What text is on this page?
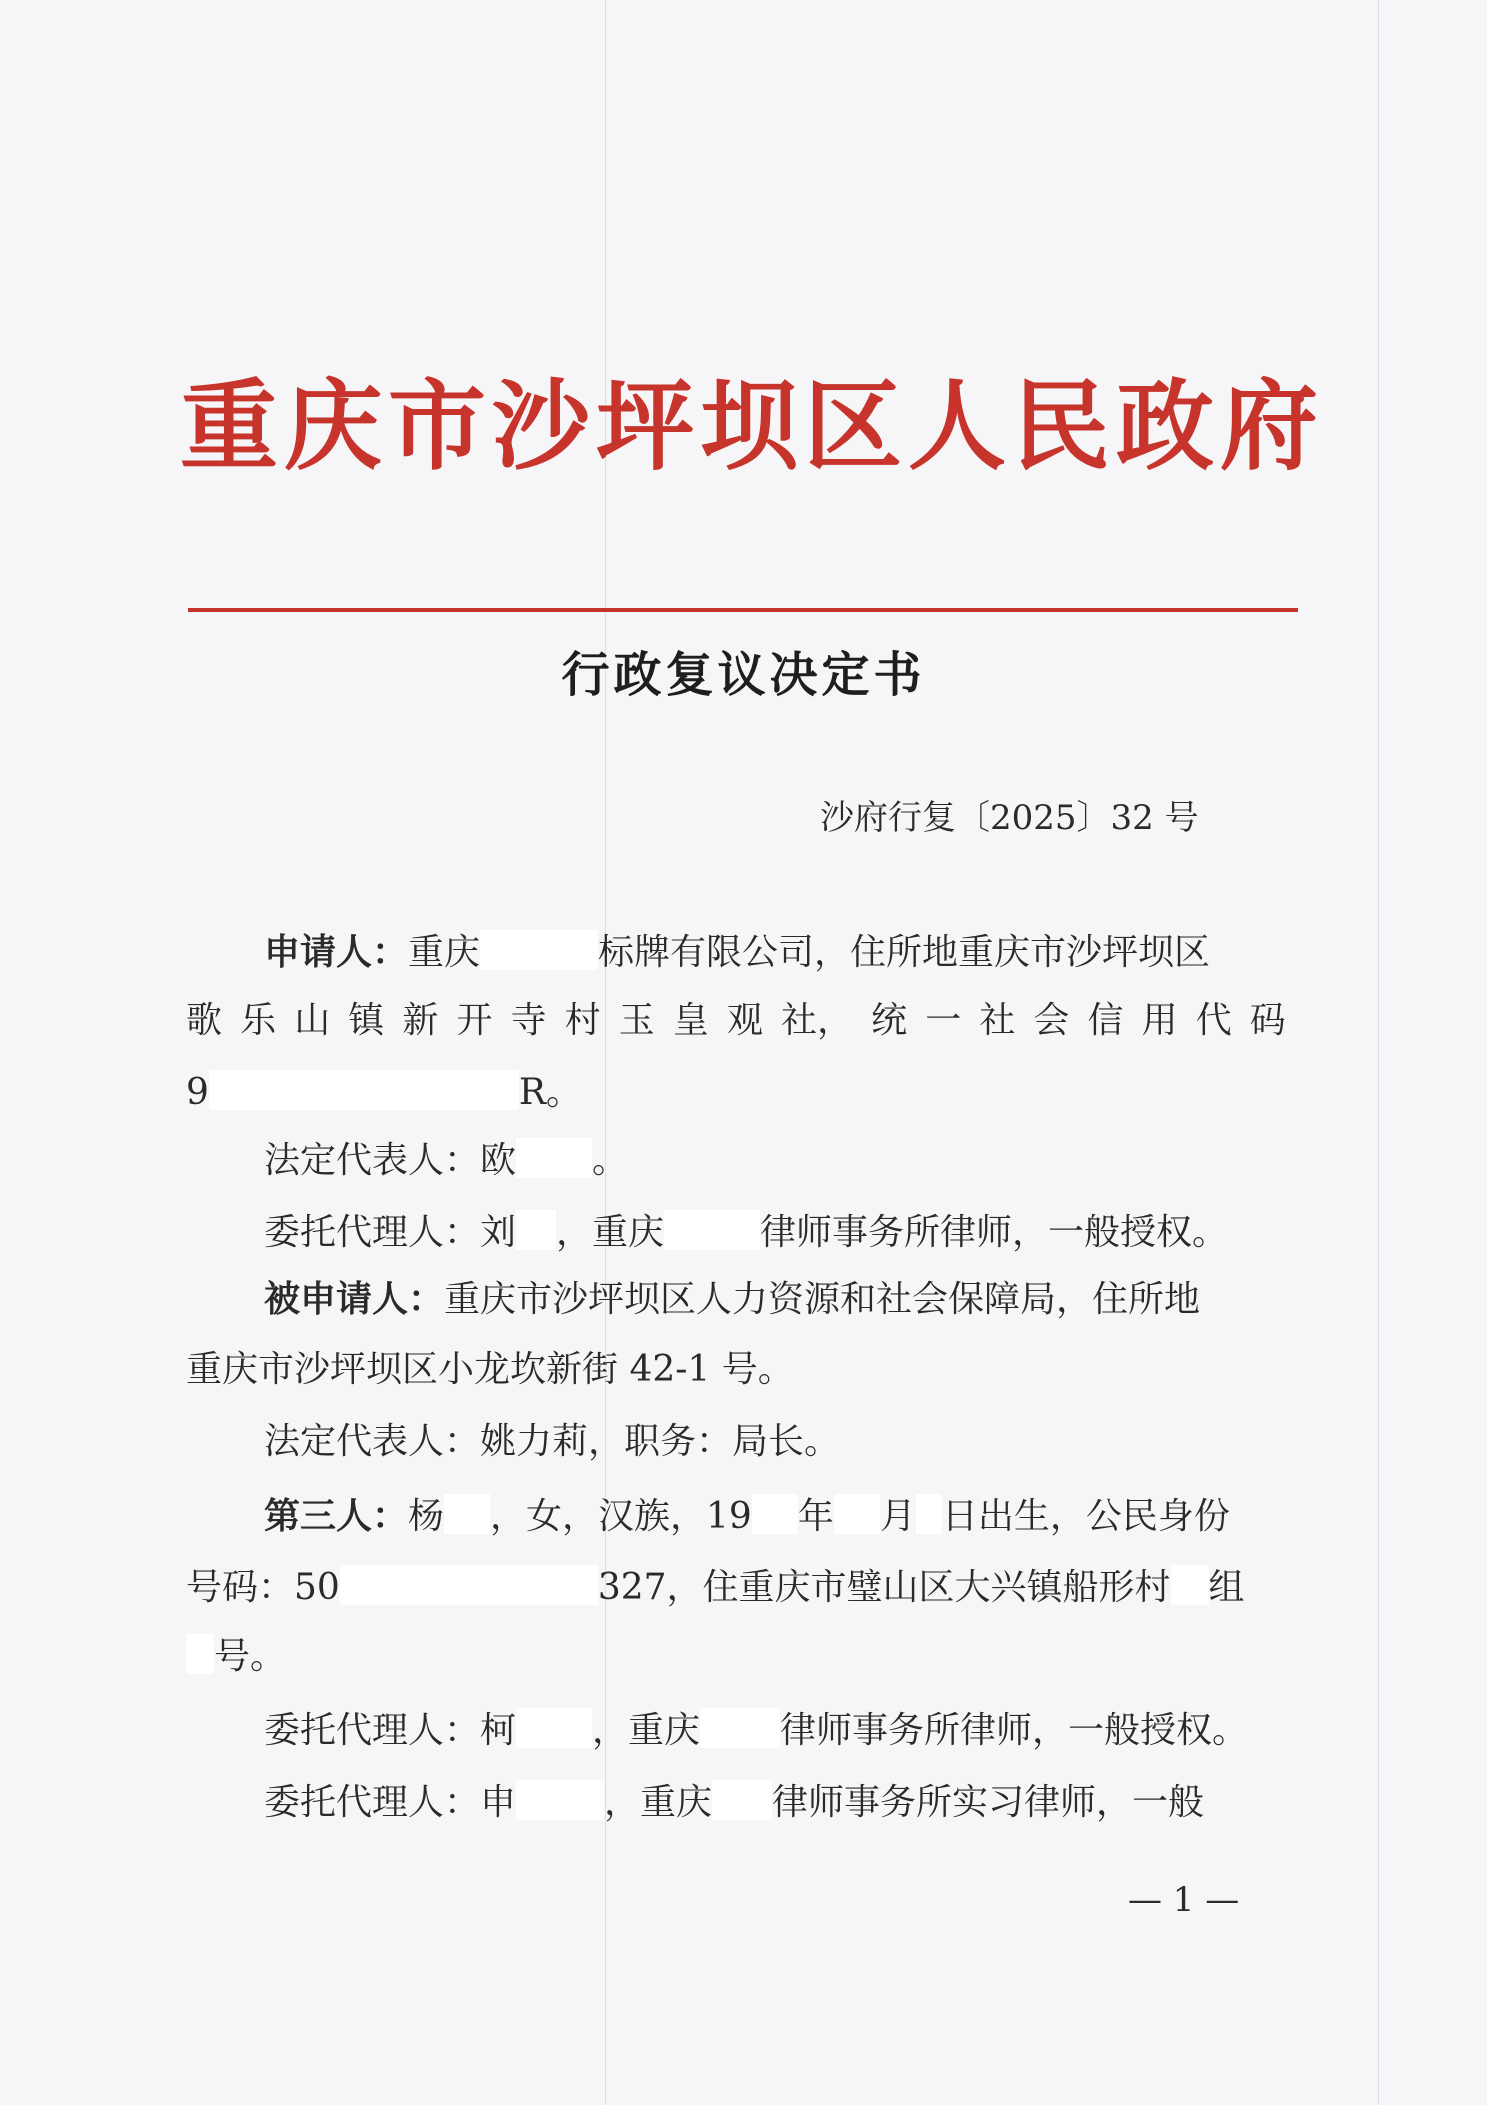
重庆市沙坪坝区人民政府
行政复议决定书
沙府行复〔2025〕32 号
申请人：重庆	标牌有限公司，住所地重庆市沙坪坝区
歌 乐 山 镇 新 开 寺 村 玉 皇 观 社， 统 一 社 会 信 用 代 码
9	R。
法定代表人：欧 。
委托代理人：刘 ，重庆	律师事务所律师，一般授权。
被申请人：重庆市沙坪坝区人力资源和社会保障局，住所地
重庆市沙坪坝区小龙坎新街 42-1 号。
法定代表人：姚力莉，职务：局长。
第三人：杨 ，女，汉族，19 年 月 日出生，公民身份
号码：50	327，住重庆市璧山区大兴镇船形村 组
号。
委托代理人：柯 ，重庆 律师事务所律师，一般授权。
委托代理人：申 ，重庆 律师事务所实习律师，一般
— 1 —
